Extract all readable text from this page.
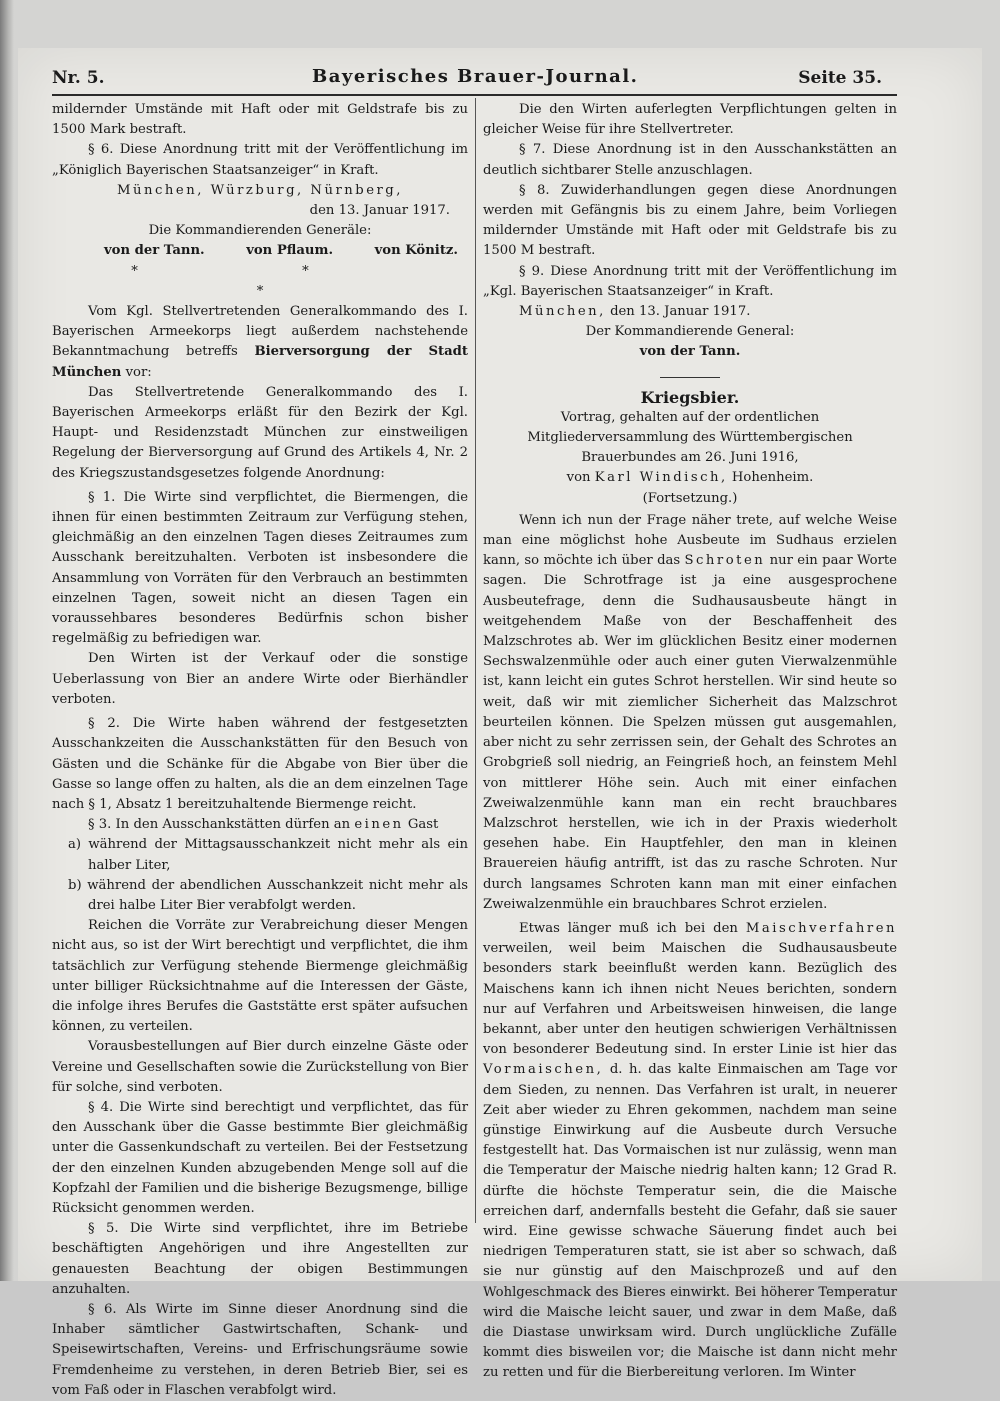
Nr. 5.	Bayerisches Brauer-Journal.	Seite 35.

mildernder Umstände mit Haft oder mit Geldstrafe bis zu 1500 Mark bestraft.

§ 6. Diese Anordnung tritt mit der Veröffentlichung im „Königlich Bayerischen Staatsanzeiger“ in Kraft.

München, Würzburg, Nürnberg,

den 13. Januar 1917.

Die Kommandierenden Generäle:

von der Tann.	von Pflaum.	von Könitz.

* *

*

Vom Kgl. Stellvertretenden Generalkommando des I. Bayerischen Armeekorps liegt außerdem nachstehende Bekanntmachung betreffs Bierversorgung der Stadt München vor:

Das Stellvertretende Generalkommando des I. Bayerischen Armeekorps erläßt für den Bezirk der Kgl. Haupt- und Residenzstadt München zur einstweiligen Regelung der Bierversorgung auf Grund des Artikels 4, Nr. 2 des Kriegszustandsgesetzes folgende Anordnung:

§ 1. Die Wirte sind verpflichtet, die Biermengen, die ihnen für einen bestimmten Zeitraum zur Verfügung stehen, gleichmäßig an den einzelnen Tagen dieses Zeitraumes zum Ausschank bereitzuhalten. Verboten ist insbesondere die Ansammlung von Vorräten für den Verbrauch an bestimmten einzelnen Tagen, soweit nicht an diesen Tagen ein voraussehbares besonderes Bedürfnis schon bisher regelmäßig zu befriedigen war.

Den Wirten ist der Verkauf oder die sonstige Ueberlassung von Bier an andere Wirte oder Bierhändler verboten.

§ 2. Die Wirte haben während der festgesetzten Ausschankzeiten die Ausschankstätten für den Besuch von Gästen und die Schänke für die Abgabe von Bier über die Gasse so lange offen zu halten, als die an dem einzelnen Tage nach § 1, Absatz 1 bereitzuhaltende Biermenge reicht.

§ 3. In den Ausschankstätten dürfen an einen Gast

a) während der Mittagsausschankzeit nicht mehr als ein halber Liter,

b) während der abendlichen Ausschankzeit nicht mehr als drei halbe Liter Bier verabfolgt werden.

Reichen die Vorräte zur Verabreichung dieser Mengen nicht aus, so ist der Wirt berechtigt und verpflichtet, die ihm tatsächlich zur Verfügung stehende Biermenge gleichmäßig unter billiger Rücksichtnahme auf die Interessen der Gäste, die infolge ihres Berufes die Gaststätte erst später aufsuchen können, zu verteilen.

Vorausbestellungen auf Bier durch einzelne Gäste oder Vereine und Gesellschaften sowie die Zurückstellung von Bier für solche, sind verboten.

§ 4. Die Wirte sind berechtigt und verpflichtet, das für den Ausschank über die Gasse bestimmte Bier gleichmäßig unter die Gassenkundschaft zu verteilen. Bei der Festsetzung der den einzelnen Kunden abzugebenden Menge soll auf die Kopfzahl der Familien und die bisherige Bezugsmenge, billige Rücksicht genommen werden.

§ 5. Die Wirte sind verpflichtet, ihre im Betriebe beschäftigten Angehörigen und ihre Angestellten zur genauesten Beachtung der obigen Bestimmungen anzuhalten.

§ 6. Als Wirte im Sinne dieser Anordnung sind die Inhaber sämtlicher Gastwirtschaften, Schank- und Speisewirtschaften, Vereins- und Erfrischungsräume sowie Fremdenheime zu verstehen, in deren Betrieb Bier, sei es vom Faß oder in Flaschen verabfolgt wird.

Die den Wirten auferlegten Verpflichtungen gelten in gleicher Weise für ihre Stellvertreter.

§ 7. Diese Anordnung ist in den Ausschankstätten an deutlich sichtbarer Stelle anzuschlagen.

§ 8. Zuwiderhandlungen gegen diese Anordnungen werden mit Gefängnis bis zu einem Jahre, beim Vorliegen mildernder Umstände mit Haft oder mit Geldstrafe bis zu 1500 M bestraft.

§ 9. Diese Anordnung tritt mit der Veröffentlichung im „Kgl. Bayerischen Staatsanzeiger“ in Kraft.

München, den 13. Januar 1917.

Der Kommandierende General:

von der Tann.

Kriegsbier.

Vortrag, gehalten auf der ordentlichen Mitgliederversammlung des Württembergischen Brauerbundes am 26. Juni 1916,

von Karl Windisch, Hohenheim.

(Fortsetzung.)

Wenn ich nun der Frage näher trete, auf welche Weise man eine möglichst hohe Ausbeute im Sudhaus erzielen kann, so möchte ich über das Schroten nur ein paar Worte sagen. Die Schrotfrage ist ja eine ausgesprochene Ausbeutefrage, denn die Sudhausausbeute hängt in weitgehendem Maße von der Beschaffenheit des Malzschrotes ab. Wer im glücklichen Besitz einer modernen Sechswalzenmühle oder auch einer guten Vierwalzenmühle ist, kann leicht ein gutes Schrot herstellen. Wir sind heute so weit, daß wir mit ziemlicher Sicherheit das Malzschrot beurteilen können. Die Spelzen müssen gut ausgemahlen, aber nicht zu sehr zerrissen sein, der Gehalt des Schrotes an Grobgrieß soll niedrig, an Feingrieß hoch, an feinstem Mehl von mittlerer Höhe sein. Auch mit einer einfachen Zweiwalzenmühle kann man ein recht brauchbares Malzschrot herstellen, wie ich in der Praxis wiederholt gesehen habe. Ein Hauptfehler, den man in kleinen Brauereien häufig antrifft, ist das zu rasche Schroten. Nur durch langsames Schroten kann man mit einer einfachen Zweiwalzenmühle ein brauchbares Schrot erzielen.

Etwas länger muß ich bei den Maischverfahren verweilen, weil beim Maischen die Sudhausausbeute besonders stark beeinflußt werden kann. Bezüglich des Maischens kann ich ihnen nicht Neues berichten, sondern nur auf Verfahren und Arbeitsweisen hinweisen, die lange bekannt, aber unter den heutigen schwierigen Verhältnissen von besonderer Bedeutung sind. In erster Linie ist hier das Vormaischen, d. h. das kalte Einmaischen am Tage vor dem Sieden, zu nennen. Das Verfahren ist uralt, in neuerer Zeit aber wieder zu Ehren gekommen, nachdem man seine günstige Einwirkung auf die Ausbeute durch Versuche festgestellt hat. Das Vormaischen ist nur zulässig, wenn man die Temperatur der Maische niedrig halten kann; 12 Grad R. dürfte die höchste Temperatur sein, die die Maische erreichen darf, andernfalls besteht die Gefahr, daß sie sauer wird. Eine gewisse schwache Säuerung findet auch bei niedrigen Temperaturen statt, sie ist aber so schwach, daß sie nur günstig auf den Maischprozeß und auf den Wohlgeschmack des Bieres einwirkt. Bei höherer Temperatur wird die Maische leicht sauer, und zwar in dem Maße, daß die Diastase unwirksam wird. Durch unglückliche Zufälle kommt dies bisweilen vor; die Maische ist dann nicht mehr zu retten und für die Bierbereitung verloren. Im Winter
